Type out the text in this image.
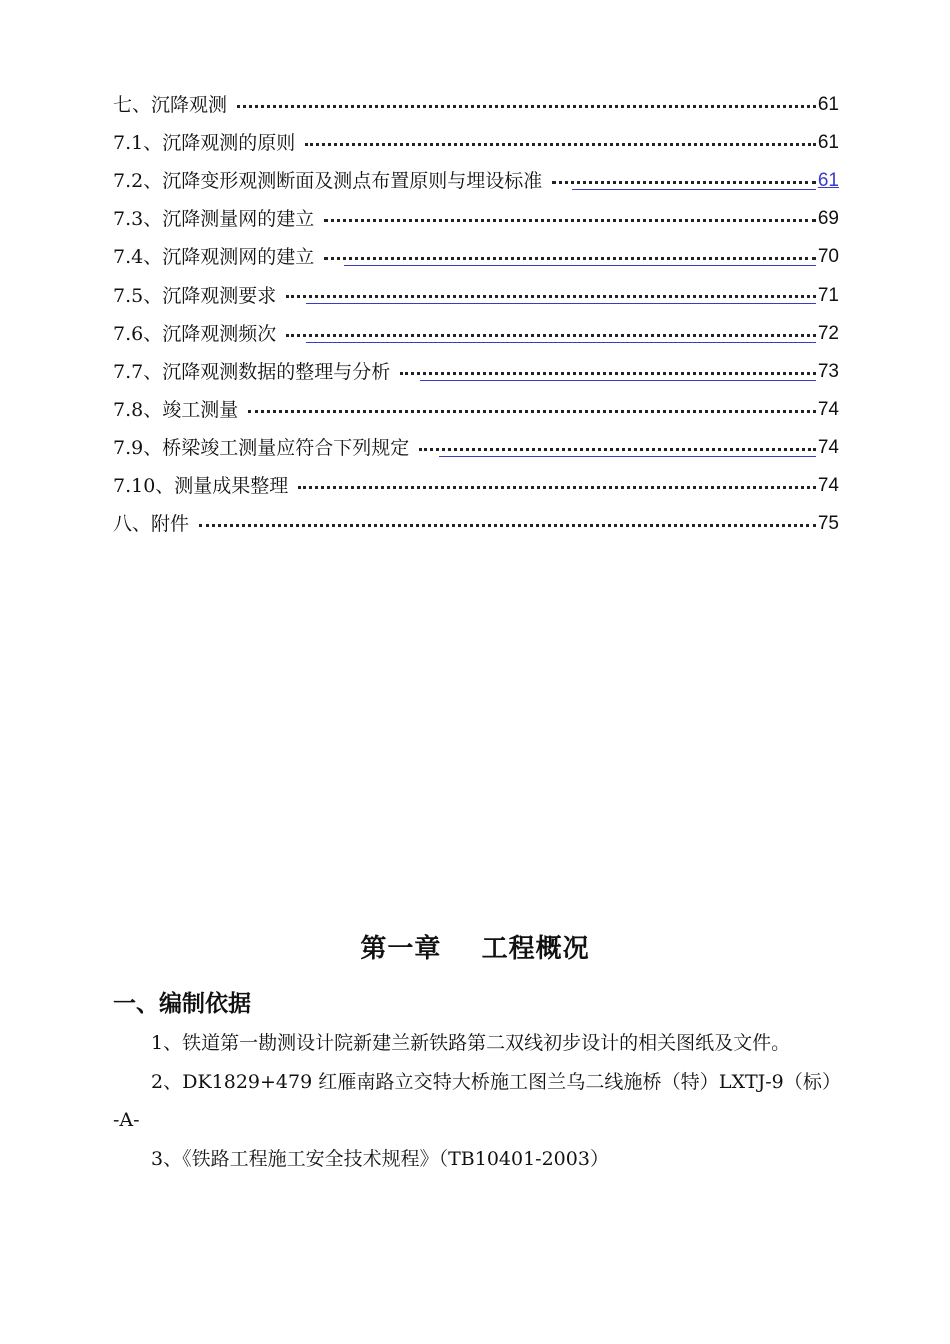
七、沉降观测	61
7.1、沉降观测的原则	61
7.2、沉降变形观测断面及测点布置原则与埋设标准	61
7.3、沉降测量网的建立	69
7.4、沉降观测网的建立	70
7.5、沉降观测要求	71
7.6、沉降观测频次	72
7.7、沉降观测数据的整理与分析	73
7.8、竣工测量	74
7.9、桥梁竣工测量应符合下列规定	74
7.10、测量成果整理	74
八、附件	75
第一章    工程概况
一、编制依据

1、铁道第一勘测设计院新建兰新铁路第二双线初步设计的相关图纸及文件。

2、DK1829+479 红雁南路立交特大桥施工图兰乌二线施桥（特）LXTJ-9（标）-A-

3、《铁路工程施工安全技术规程》（TB10401-2003）
